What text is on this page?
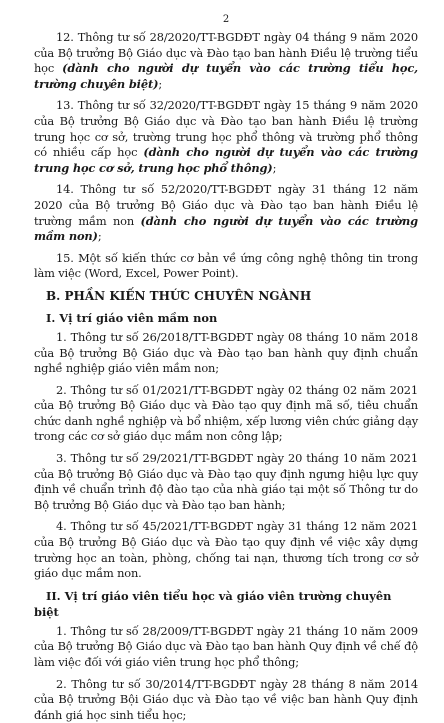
2

12. Thông tư số 28/2020/TT-BGDĐT ngày 04 tháng 9 năm 2020 của Bộ trưởng Bộ Giáo dục và Đào tạo ban hành Điều lệ trường tiểu học (dành cho người dự tuyển vào các trường tiểu học, trường chuyên biệt);

13. Thông tư số 32/2020/TT-BGDĐT ngày 15 tháng 9 năm 2020 của Bộ trưởng Bộ Giáo dục và Đào tạo ban hành Điều lệ trường trung học cơ sở, trường trung học phổ thông và trường phổ thông có nhiều cấp học (dành cho người dự tuyển vào các trường trung học cơ sở, trung học phổ thông);

14. Thông tư số 52/2020/TT-BGDĐT ngày 31 tháng 12 năm 2020 của Bộ trưởng Bộ Giáo dục và Đào tạo ban hành Điều lệ trường mầm non (dành cho người dự tuyển vào các trường mầm non);

15. Một số kiến thức cơ bản về ứng công nghệ thông tin trong làm việc (Word, Excel, Power Point).

B. PHẦN KIẾN THỨC CHUYÊN NGÀNH
I. Vị trí giáo viên mầm non

1. Thông tư số 26/2018/TT-BGDĐT ngày 08 tháng 10 năm 2018 của Bộ trưởng Bộ Giáo dục và Đào tạo ban hành quy định chuẩn nghề nghiệp giáo viên mầm non;

2. Thông tư số 01/2021/TT-BGDĐT ngày 02 tháng 02 năm 2021 của Bộ trưởng Bộ Giáo dục và Đào tạo quy định mã số, tiêu chuẩn chức danh nghề nghiệp và bổ nhiệm, xếp lương viên chức giảng dạy trong các cơ sở giáo dục mầm non công lập;

3. Thông tư số 29/2021/TT-BGDĐT ngày 20 tháng 10 năm 2021 của Bộ trưởng Bộ Giáo dục và Đào tạo quy định ngưng hiệu lực quy định về chuẩn trình độ đào tạo của nhà giáo tại một số Thông tư do Bộ trưởng Bộ Giáo dục và Đào tạo ban hành;

4. Thông tư số 45/2021/TT-BGDĐT ngày 31 tháng 12 năm 2021 của Bộ trưởng Bộ Giáo dục và Đào tạo quy định về việc xây dựng trường học an toàn, phòng, chống tai nạn, thương tích trong cơ sở giáo dục mầm non.

II. Vị trí giáo viên tiểu học và giáo viên trường chuyên biệt

1. Thông tư số 28/2009/TT-BGDĐT ngày 21 tháng 10 năm 2009 của Bộ trưởng Bộ Giáo dục và Đào tạo ban hành Quy định về chế độ làm việc đối với giáo viên trung học phổ thông;

2. Thông tư số 30/2014/TT-BGDĐT ngày 28 tháng 8 năm 2014 của Bộ trưởng Bội Giáo dục và Đào tạo về việc ban hành Quy định đánh giá học sinh tiểu học;
